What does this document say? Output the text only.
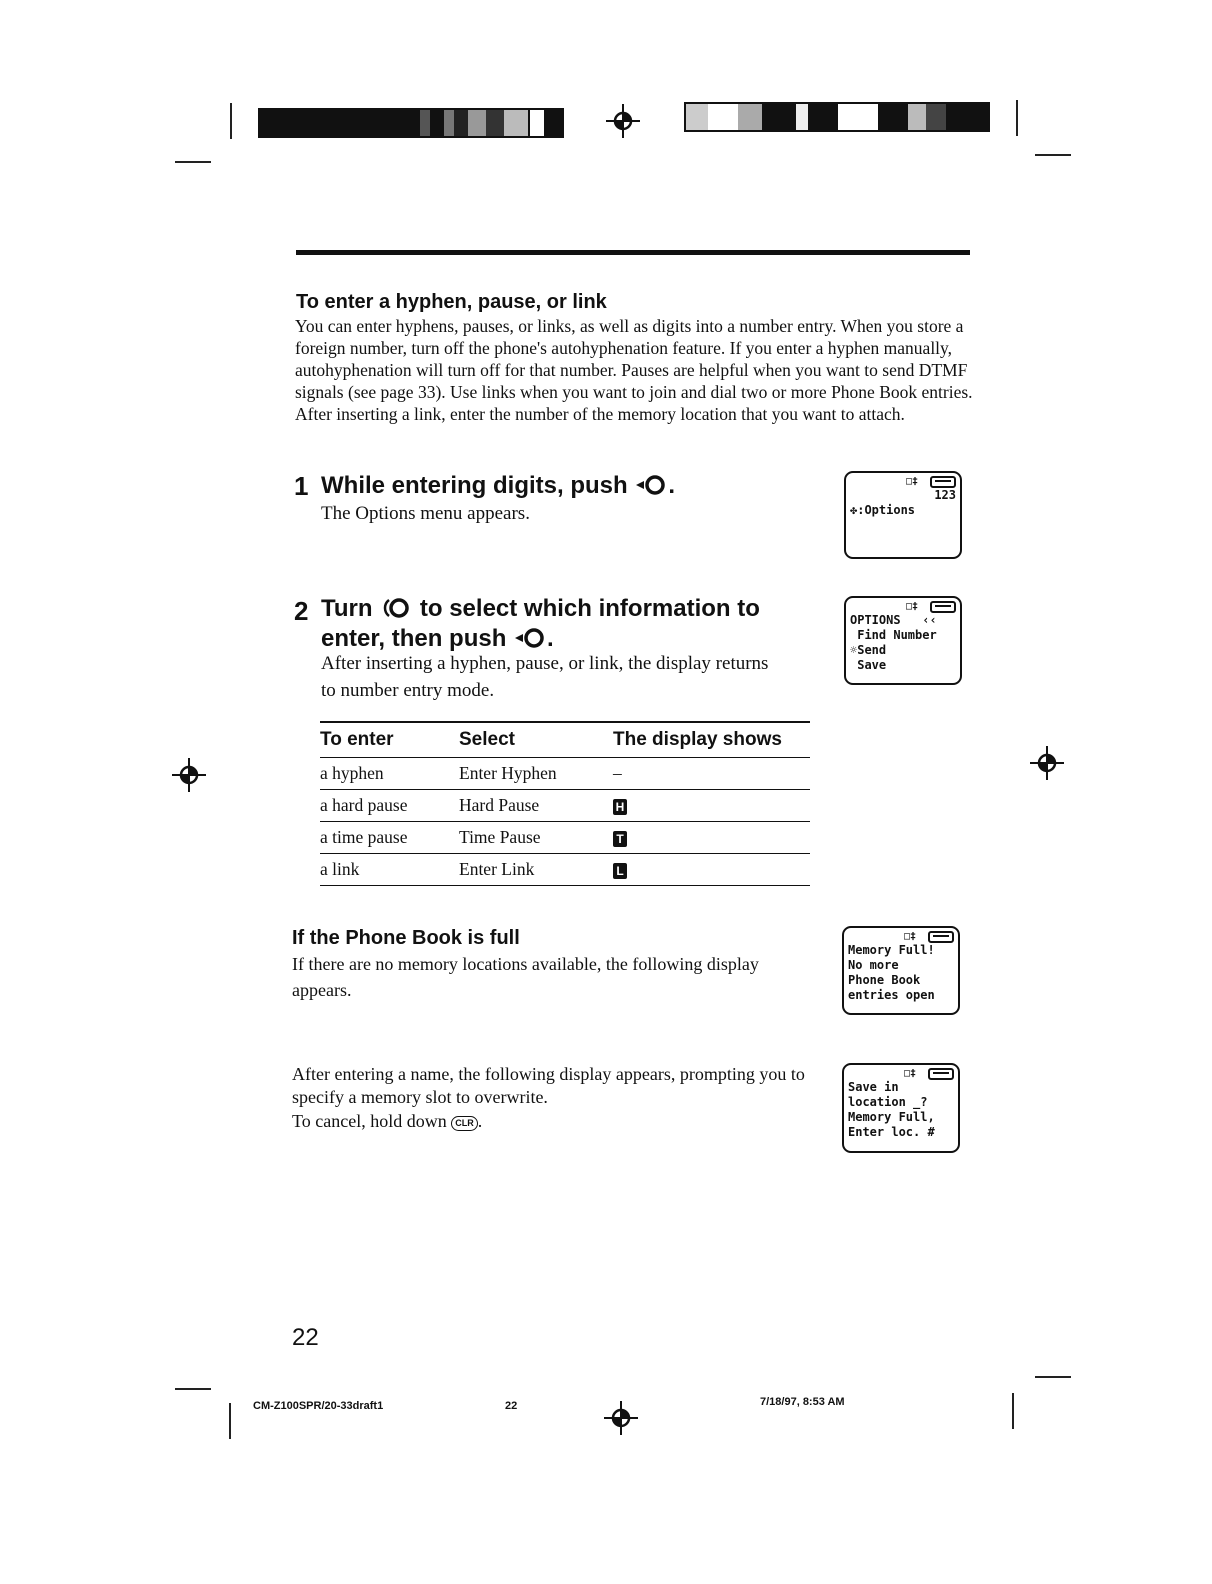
To enter a hyphen, pause, or link
You can enter hyphens, pauses, or links, as well as digits into a number entry. When you store a foreign number, turn off the phone's autohyphenation feature. If you enter a hyphen manually, autohyphenation will turn off for that number. Pauses are helpful when you want to send DTMF signals (see page 33). Use links when you want to join and dial two or more Phone Book entries. After inserting a link, enter the number of the memory location that you want to attach.
1 While entering digits, push .
The Options menu appears.
2 Turn  to select which information to
enter, then push .
After inserting a hyphen, pause, or link, the display returns to number entry mode.
□‡
123
✤:Options
□‡
OPTIONS   ‹‹
Find Number
☼Send
Save
□‡
Memory Full!
No more
Phone Book
entries open
□‡
Save in
location _?
Memory Full,
Enter loc. #
To enter	Select	The display shows
a hyphen	Enter Hyphen	–
a hard pause	Hard Pause	H
a time pause	Time Pause	T
a link	Enter Link	L
If the Phone Book is full
If there are no memory locations available, the following display appears.
After entering a name, the following display appears, prompting you to specify a memory slot to overwrite.
To cancel, hold down CLR .
22
CM-Z100SPR/20-33draft1	22	7/18/97, 8:53 AM
